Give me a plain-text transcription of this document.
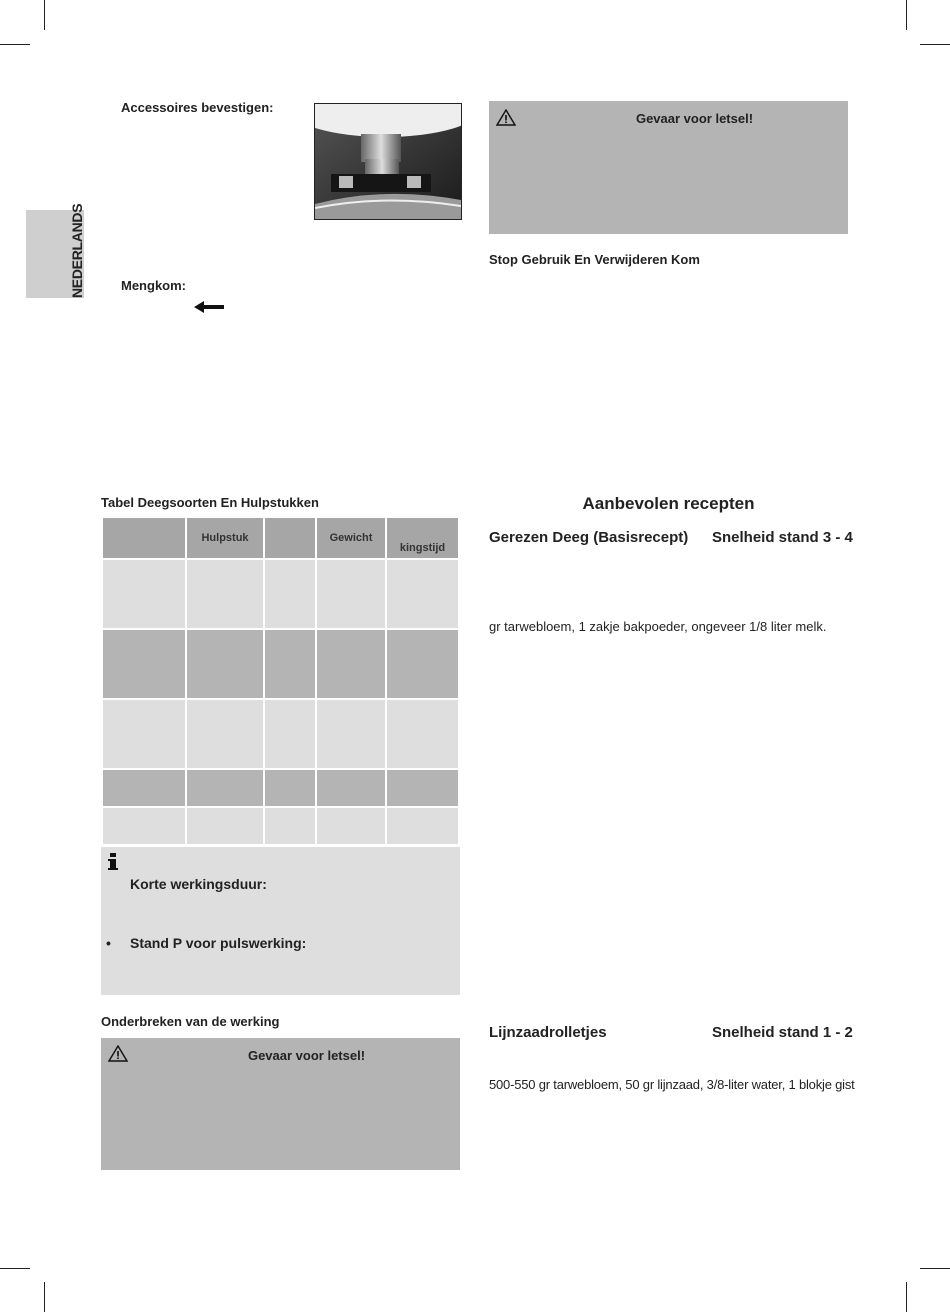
NEDERLANDS
Accessoires bevestigen:
Mengkom:
Tabel Deegsoorten En Hulpstukken
	Hulpstuk		Gewicht	kingstijd

Korte werkingsduur:
• Stand P voor pulswerking:
Onderbreken van de werking
Gevaar voor letsel!
Gevaar voor letsel!
Stop Gebruik En Verwijderen Kom
Aanbevolen recepten
Gerezen Deeg (Basisrecept) Snelheid stand 3 - 4
gr tarwebloem, 1 zakje bakpoeder, ongeveer 1/8 liter melk.
Lijnzaadrolletjes	Snelheid stand 1 - 2
500-550 gr tarwebloem, 50 gr lijnzaad, 3/8-liter water, 1 blokje gist
